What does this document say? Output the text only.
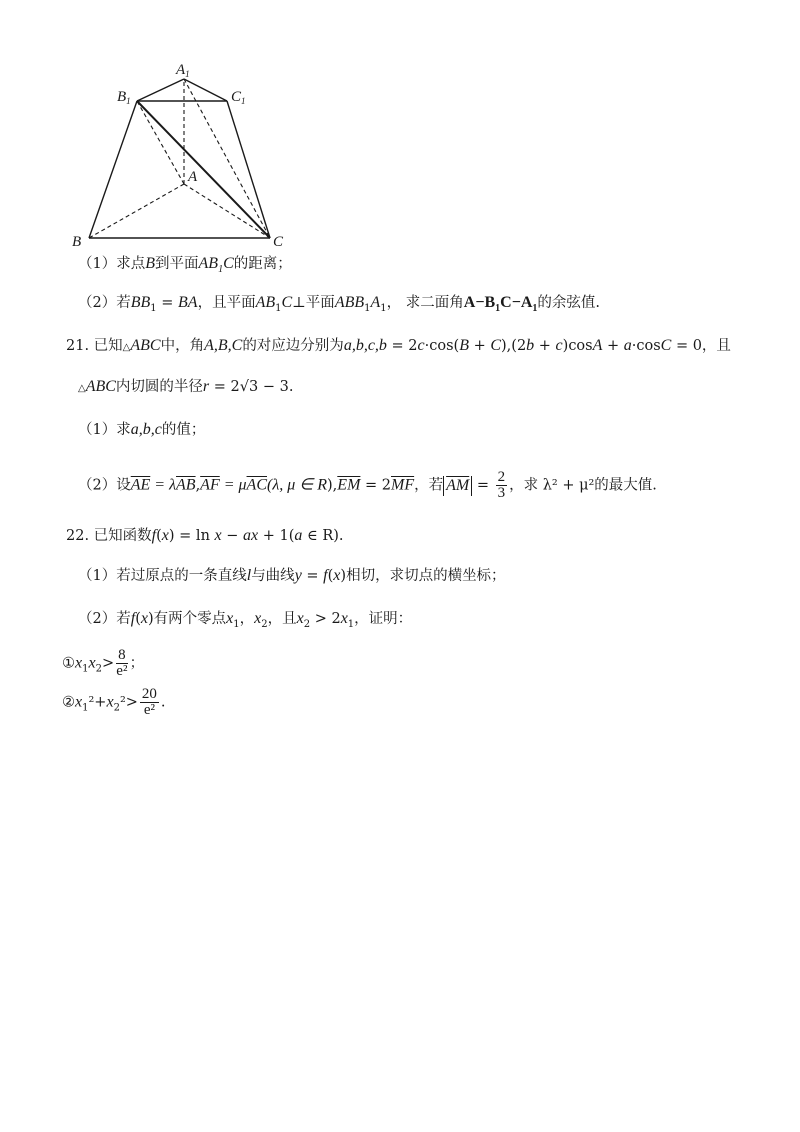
$A_1$
$B_1$	$C_1$
A
B	C
（1）求点B到平面$AB_1C$的距离；
（2）若$BB_1$ = BA，且平面$AB_1C\perp$平面$ABB_1A_1$， 求二面角$A-B_1C-A_1$的余弦值.
21. 已知△ABC中，角A,B,C的对应边分别为a,b,c,b = 2c·cos(B + C),(2b + c)cosA + a·cosC = 0，且
△ABC内切圆的半径r = 2√3 − 3.
（1）求a,b,c的值；
（2）设$\overline{AE} = \lambda\overline{AB},\overline{AF} = \mu\overline{AC}(\lambda$, μ ∈ $R),\overline{EM} = 2\overline{MF}$，若 $\overline{AM} = \frac{2}{3}$ ，求 λ² + μ²的最大值.
22. 已知函数f(x) = ln x − ax + 1(a ∈ R).
（1）若过原点的一条直线l与曲线y = f(x)相切，求切点的横坐标；
（2）若f(x)有两个零点$x_1$，$x_2$，且$x_2 > 2x_1$，证明：
$①x_1x_2> \frac{8}{\text{e²}}$ ；
$②x_1^2+x_2^2> \frac{20}{\text{e²}}$ .
